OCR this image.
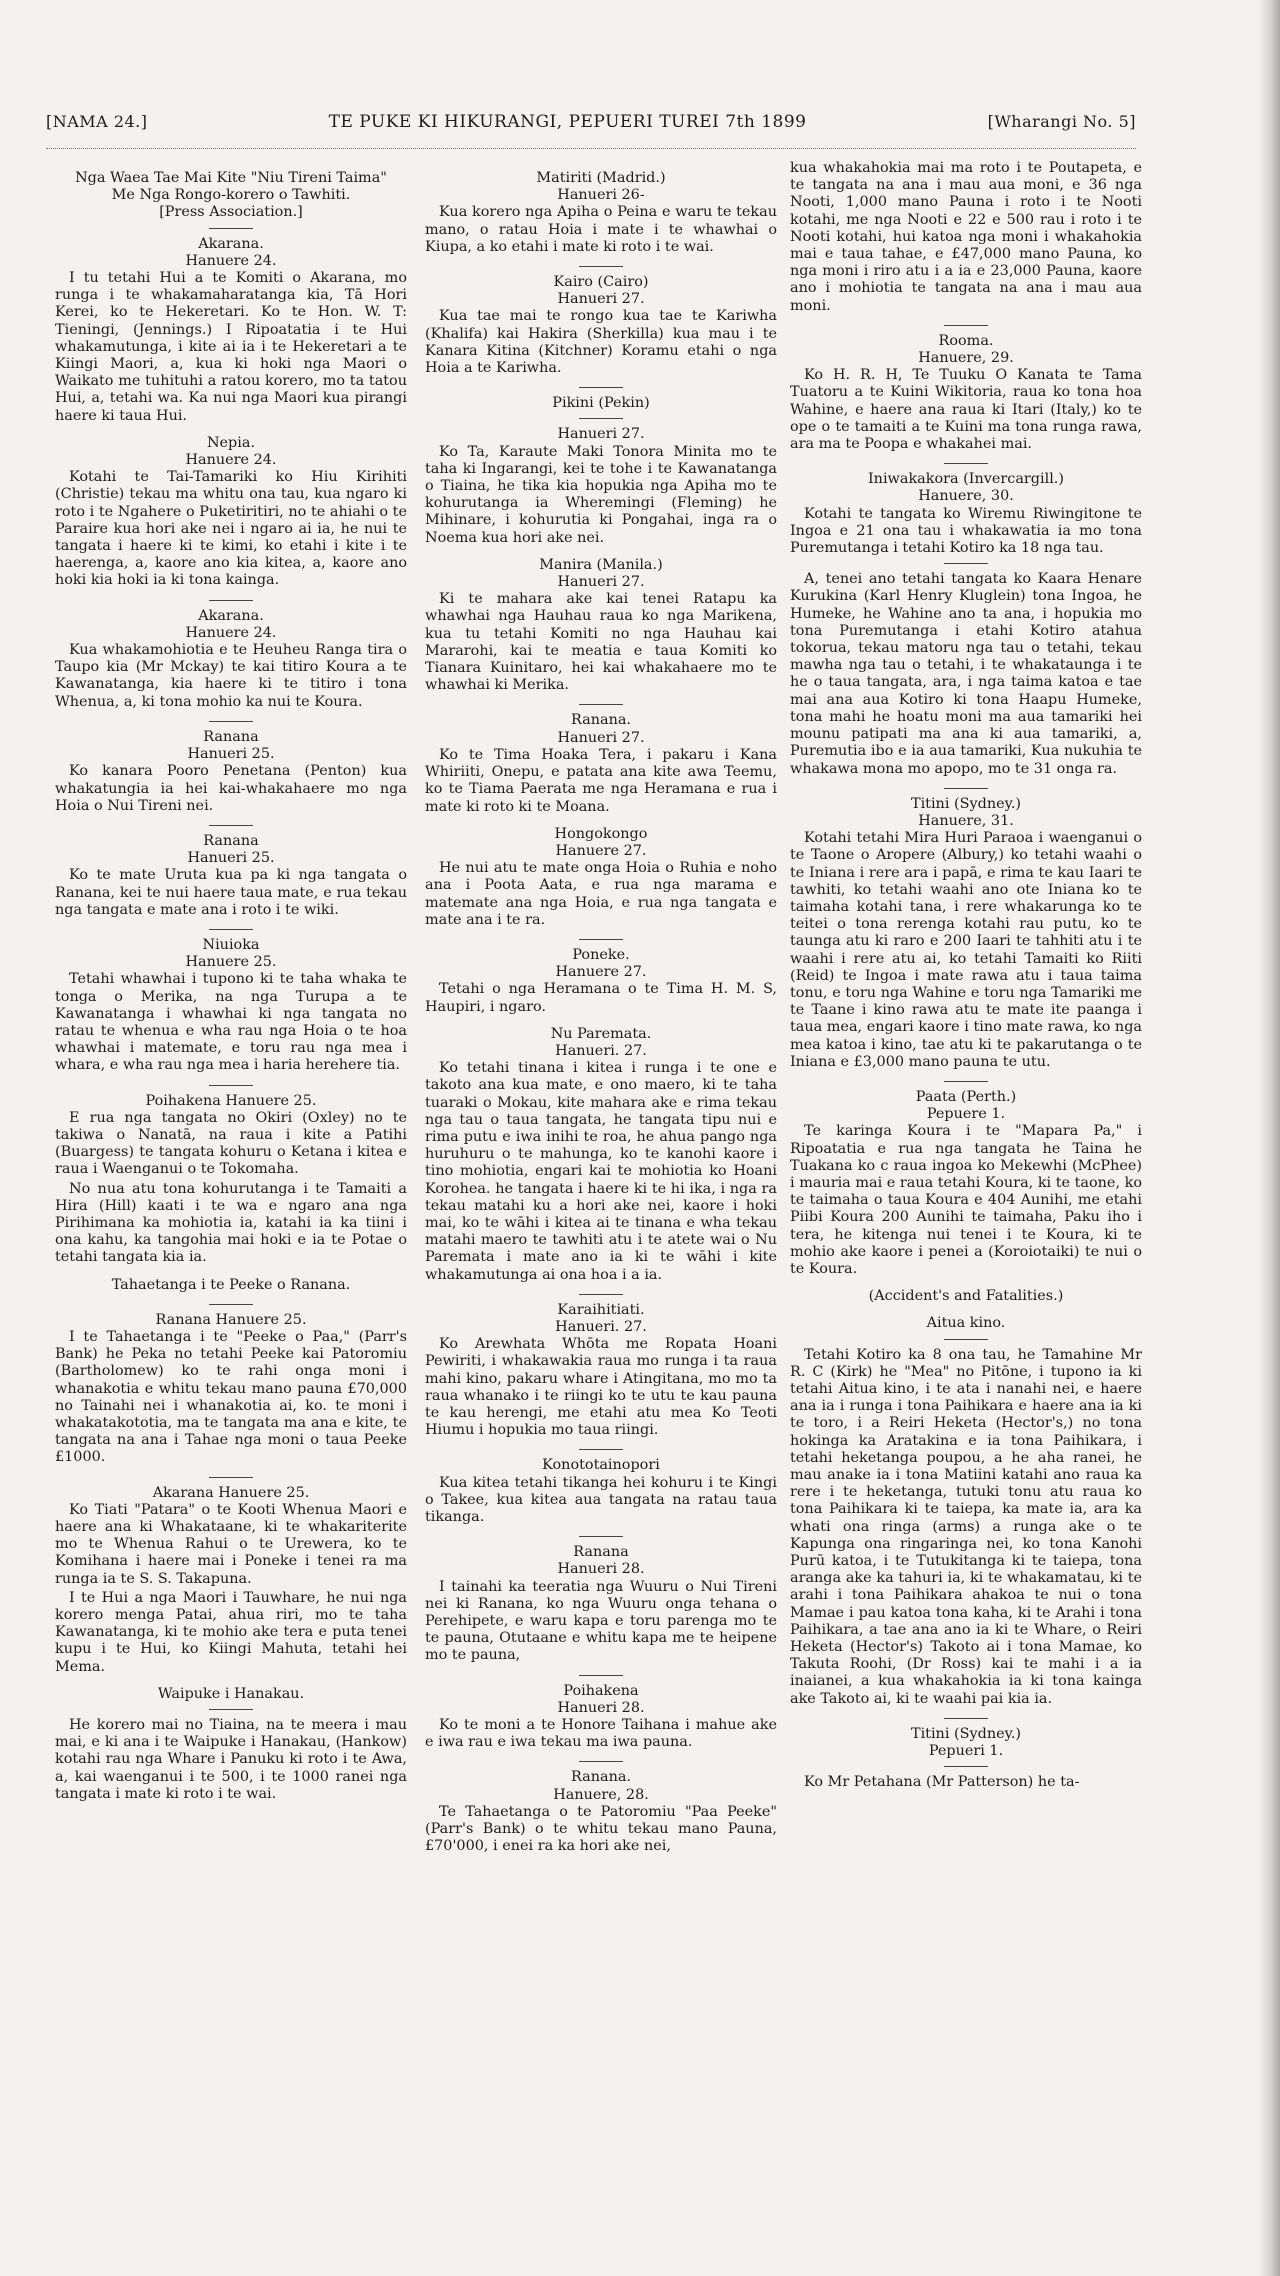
[NAMA 24.]	TE PUKE KI HIKURANGI, PEPUERI TUREI 7th 1899	[Wharangi No. 5]

Nga Waea Tae Mai Kite "Niu Tireni Taima"

Me Nga Rongo-korero o Tawhiti.

[Press Association.]

Akarana.

Hanuere 24.

I tu tetahi Hui a te Komiti o Akarana, mo runga i te whakamaharatanga kia, Tā Hori Kerei, ko te Hekeretari. Ko te Hon. W. T: Tieningi, (Jennings.) I Ripoatatia i te Hui whakamutunga, i kite ai ia i te Hekeretari a te Kiingi Maori, a, kua ki hoki nga Maori o Waikato me tuhituhi a ratou korero, mo ta tatou Hui, a, tetahi wa. Ka nui nga Maori kua pirangi haere ki taua Hui.

Nepia.

Hanuere 24.

Kotahi te Tai-Tamariki ko Hiu Kirihiti (Christie) tekau ma whitu ona tau, kua ngaro ki roto i te Ngahere o Puketiritiri, no te ahiahi o te Paraire kua hori ake nei i ngaro ai ia, he nui te tangata i haere ki te kimi, ko etahi i kite i te haerenga, a, kaore ano kia kitea, a, kaore ano hoki kia hoki ia ki tona kainga.

Akarana.

Hanuere 24.

Kua whakamohiotia e te Heuheu Ranga tira o Taupo kia (Mr Mckay) te kai titiro Koura a te Kawanatanga, kia haere ki te titiro i tona Whenua, a, ki tona mohio ka nui te Koura.

Ranana

Hanueri 25.

Ko kanara Pooro Penetana (Penton) kua whakatungia ia hei kai-whakahaere mo nga Hoia o Nui Tireni nei.

Ranana

Hanueri 25.

Ko te mate Uruta kua pa ki nga tangata o Ranana, kei te nui haere taua mate, e rua tekau nga tangata e mate ana i roto i te wiki.

Niuioka

Hanuere 25.

Tetahi whawhai i tupono ki te taha whaka te tonga o Merika, na nga Turupa a te Kawanatanga i whawhai ki nga tangata no ratau te whenua e wha rau nga Hoia o te hoa whawhai i matemate, e toru rau nga mea i whara, e wha rau nga mea i haria herehere tia.

Poihakena Hanuere 25.

E rua nga tangata no Okiri (Oxley) no te takiwa o Nanatā, na raua i kite a Patihi (Buargess) te tangata kohuru o Ketana i kitea e raua i Waenganui o te Tokomaha.

No nua atu tona kohurutanga i te Tamaiti a Hira (Hill) kaati i te wa e ngaro ana nga Pirihimana ka mohiotia ia, katahi ia ka tiini i ona kahu, ka tangohia mai hoki e ia te Potae o tetahi tangata kia ia.

Tahaetanga i te Peeke o Ranana.

Ranana Hanuere 25.

I te Tahaetanga i te "Peeke o Paa," (Parr's Bank) he Peka no tetahi Peeke kai Patoromiu (Bartholomew) ko te rahi onga moni i whanakotia e whitu tekau mano pauna £70,000 no Tainahi nei i whanakotia ai, ko. te moni i whakatakototia, ma te tangata ma ana e kite, te tangata na ana i Tahae nga moni o taua Peeke £1000.

Akarana Hanuere 25.

Ko Tiati "Patara" o te Kooti Whenua Maori e haere ana ki Whakataane, ki te whakariterite mo te Whenua Rahui o te Urewera, ko te Komihana i haere mai i Poneke i tenei ra ma runga ia te S. S. Takapuna.

I te Hui a nga Maori i Tauwhare, he nui nga korero menga Patai, ahua riri, mo te taha Kawanatanga, ki te mohio ake tera e puta tenei kupu i te Hui, ko Kiingi Mahuta, tetahi hei Mema.

Waipuke i Hanakau.

He korero mai no Tiaina, na te meera i mau mai, e ki ana i te Waipuke i Hanakau, (Hankow) kotahi rau nga Whare i Panuku ki roto i te Awa, a, kai waenganui i te 500, i te 1000 ranei nga tangata i mate ki roto i te wai.

Matiriti (Madrid.)

Hanueri 26-

Kua korero nga Apiha o Peina e waru te tekau mano, o ratau Hoia i mate i te whawhai o Kiupa, a ko etahi i mate ki roto i te wai.

Kairo (Cairo)

Hanueri 27.

Kua tae mai te rongo kua tae te Kariwha (Khalifa) kai Hakira (Sherkilla) kua mau i te Kanara Kitina (Kitchner) Koramu etahi o nga Hoia a te Kariwha.

Pikini (Pekin)

Hanueri 27.

Ko Ta, Karaute Maki Tonora Minita mo te taha ki Ingarangi, kei te tohe i te Kawanatanga o Tiaina, he tika kia hopukia nga Apiha mo te kohurutanga ia Wheremingi (Fleming) he Mihinare, i kohurutia ki Pongahai, inga ra o Noema kua hori ake nei.

Manira (Manila.)

Hanueri 27.

Ki te mahara ake kai tenei Ratapu ka whawhai nga Hauhau raua ko nga Marikena, kua tu tetahi Komiti no nga Hauhau kai Mararohi, kai te meatia e taua Komiti ko Tianara Kuinitaro, hei kai whakahaere mo te whawhai ki Merika.

Ranana.

Hanueri 27.

Ko te Tima Hoaka Tera, i pakaru i Kana Whiriiti, Onepu, e patata ana kite awa Teemu, ko te Tiama Paerata me nga Heramana e rua i mate ki roto ki te Moana.

Hongokongo

Hanuere 27.

He nui atu te mate onga Hoia o Ruhia e noho ana i Poota Aata, e rua nga marama e matemate ana nga Hoia, e rua nga tangata e mate ana i te ra.

Poneke.

Hanuere 27.

Tetahi o nga Heramana o te Tima H. M. S, Haupiri, i ngaro.

Nu Paremata.

Hanueri. 27.

Ko tetahi tinana i kitea i runga i te one e takoto ana kua mate, e ono maero, ki te taha tuaraki o Mokau, kite mahara ake e rima tekau nga tau o taua tangata, he tangata tipu nui e rima putu e iwa inihi te roa, he ahua pango nga huruhuru o te mahunga, ko te kanohi kaore i tino mohiotia, engari kai te mohiotia ko Hoani Korohea. he tangata i haere ki te hi ika, i nga ra tekau matahi ku a hori ake nei, kaore i hoki mai, ko te wāhi i kitea ai te tinana e wha tekau matahi maero te tawhiti atu i te atete wai o Nu Paremata i mate ano ia ki te wāhi i kite whakamutunga ai ona hoa i a ia.

Karaihitiati.

Hanueri. 27.

Ko Arewhata Whōta me Ropata Hoani Pewiriti, i whakawakia raua mo runga i ta raua mahi kino, pakaru whare i Atingitana, mo mo ta raua whanako i te riingi ko te utu te kau pauna te kau herengi, me etahi atu mea Ko Teoti Hiumu i hopukia mo taua riingi.

Konototainopori

Kua kitea tetahi tikanga hei kohuru i te Kingi o Takee, kua kitea aua tangata na ratau taua tikanga.

Ranana

Hanueri 28.

I tainahi ka teeratia nga Wuuru o Nui Tireni nei ki Ranana, ko nga Wuuru onga tehana o Perehipete, e waru kapa e toru parenga mo te te pauna, Otutaane e whitu kapa me te heipene mo te pauna,

Poihakena

Hanueri 28.

Ko te moni a te Honore Taihana i mahue ake e iwa rau e iwa tekau ma iwa pauna.

Ranana.

Hanuere, 28.

Te Tahaetanga o te Patoromiu "Paa Peeke" (Parr's Bank) o te whitu tekau mano Pauna, £70'000, i enei ra ka hori ake nei,

kua whakahokia mai ma roto i te Poutapeta, e te tangata na ana i mau aua moni, e 36 nga Nooti, 1,000 mano Pauna i roto i te Nooti kotahi, me nga Nooti e 22 e 500 rau i roto i te Nooti kotahi, hui katoa nga moni i whakahokia mai e taua tahae, e £47,000 mano Pauna, ko nga moni i riro atu i a ia e 23,000 Pauna, kaore ano i mohiotia te tangata na ana i mau aua moni.

Rooma.

Hanuere, 29.

Ko H. R. H, Te Tuuku O Kanata te Tama Tuatoru a te Kuini Wikitoria, raua ko tona hoa Wahine, e haere ana raua ki Itari (Italy,) ko te ope o te tamaiti a te Kuini ma tona runga rawa, ara ma te Poopa e whakahei mai.

Iniwakakora (Invercargill.)

Hanuere, 30.

Kotahi te tangata ko Wiremu Riwingitone te Ingoa e 21 ona tau i whakawatia ia mo tona Puremutanga i tetahi Kotiro ka 18 nga tau.

A, tenei ano tetahi tangata ko Kaara Henare Kurukina (Karl Henry Kluglein) tona Ingoa, he Humeke, he Wahine ano ta ana, i hopukia mo tona Puremutanga i etahi Kotiro atahua tokorua, tekau matoru nga tau o tetahi, tekau mawha nga tau o tetahi, i te whakataunga i te he o taua tangata, ara, i nga taima katoa e tae mai ana aua Kotiro ki tona Haapu Humeke, tona mahi he hoatu moni ma aua tamariki hei mounu patipati ma ana ki aua tamariki, a, Puremutia ibo e ia aua tamariki, Kua nukuhia te whakawa mona mo apopo, mo te 31 onga ra.

Titini (Sydney.)

Hanuere, 31.

Kotahi tetahi Mira Huri Paraoa i waenganui o te Taone o Aropere (Albury,) ko tetahi waahi o te Iniana i rere ara i papā, e rima te kau Iaari te tawhiti, ko tetahi waahi ano ote Iniana ko te taimaha kotahi tana, i rere whakarunga ko te teitei o tona rerenga kotahi rau putu, ko te taunga atu ki raro e 200 Iaari te tahhiti atu i te waahi i rere atu ai, ko tetahi Tamaiti ko Riiti (Reid) te Ingoa i mate rawa atu i taua taima tonu, e toru nga Wahine e toru nga Tamariki me te Taane i kino rawa atu te mate ite paanga i taua mea, engari kaore i tino mate rawa, ko nga mea katoa i kino, tae atu ki te pakarutanga o te Iniana e £3,000 mano pauna te utu.

Paata (Perth.)

Pepuere 1.

Te karinga Koura i te "Mapara Pa," i Ripoatatia e rua nga tangata he Taina he Tuakana ko c raua ingoa ko Mekewhi (McPhee) i mauria mai e raua tetahi Koura, ki te taone, ko te taimaha o taua Koura e 404 Aunihi, me etahi Piibi Koura 200 Aunihi te taimaha, Paku iho i tera, he kitenga nui tenei i te Koura, ki te mohio ake kaore i penei a (Koroiotaiki) te nui o te Koura.

(Accident's and Fatalities.)

Aitua kino.

Tetahi Kotiro ka 8 ona tau, he Tamahine Mr R. C (Kirk) he "Mea" no Pitōne, i tupono ia ki tetahi Aitua kino, i te ata i nanahi nei, e haere ana ia i runga i tona Paihikara e haere ana ia ki te toro, i a Reiri Heketa (Hector's,) no tona hokinga ka Aratakina e ia tona Paihikara, i tetahi heketanga poupou, a he aha ranei, he mau anake ia i tona Matiini katahi ano raua ka rere i te heketanga, tutuki tonu atu raua ko tona Paihikara ki te taiepa, ka mate ia, ara ka whati ona ringa (arms) a runga ake o te Kapunga ona ringaringa nei, ko tona Kanohi Purū katoa, i te Tutukitanga ki te taiepa, tona aranga ake ka tahuri ia, ki te whakamatau, ki te arahi i tona Paihikara ahakoa te nui o tona Mamae i pau katoa tona kaha, ki te Arahi i tona Paihikara, a tae ana ano ia ki te Whare, o Reiri Heketa (Hector's) Takoto ai i tona Mamae, ko Takuta Roohi, (Dr Ross) kai te mahi i a ia inaianei, a kua whakahokia ia ki tona kainga ake Takoto ai, ki te waahi pai kia ia.

Titini (Sydney.)

Pepueri 1.

Ko Mr Petahana (Mr Patterson) he ta-
